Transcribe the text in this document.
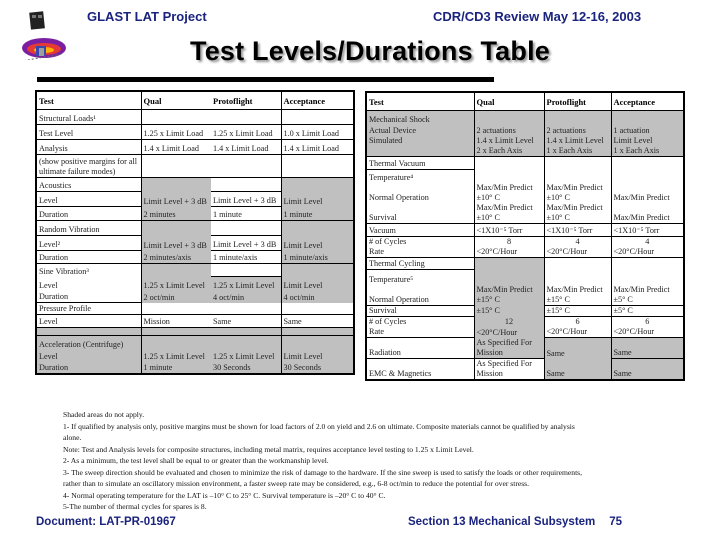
GLAST LAT Project	CDR/CD3 Review May 12-16, 2003
Test Levels/Durations Table
Test	Qual	Protoflight	Acceptance
Structural Loads¹			
Test Level	1.25 x Limit Load	1.25 x Limit Load	1.0 x Limit Load
Analysis	1.4 x Limit Load	1.4 x Limit Load	1.4 x Limit Load
(show positive margins for all			
ultimate failure modes)			
Acoustics			
Level	Limit Level + 3 dB	Limit Level + 3 dB	Limit Level
Duration	2 minutes	1 minute	1 minute
Random Vibration			
Level²	Limit Level + 3 dB	Limit Level + 3 dB	Limit Level
Duration	2 minutes/axis	1 minute/axis	1 minute/axis
Sine Vibration³			
Level	1.25 x Limit Level	1.25 x Limit Level	Limit Level
Duration	2 oct/min	4 oct/min	4 oct/min
Pressure Profile			
Level	Mission	Same	Same

Acceleration (Centrifuge)			
Level	1.25 x Limit Level	1.25 x Limit Level	Limit Level
Duration	1 minute	30 Seconds	30 Seconds
Test	Qual	Protoflight	Acceptance
Mechanical Shock			
Actual Device	2 actuations	2 actuations	1 actuation
Simulated	1.4 x Limit Level	1.4 x Limit Level	Limit Level
	2 x Each Axis	1 x Each Axis	1 x Each Axis
Thermal Vacuum			
Temperature⁴			
	Max/Min Predict	Max/Min Predict	
Normal Operation	±10° C	±10° C	Max/Min Predict
	Max/Min Predict	Max/Min Predict	
Survival	±10° C	±10° C	Max/Min Predict
Vacuum	<1X10⁻⁵ Torr	<1X10⁻⁵ Torr	<1X10⁻⁵ Torr
# of Cycles	8	4	4
Rate	<20°C/Hour	<20°C/Hour	<20°C/Hour
Thermal Cycling			
Temperature⁵			
	Max/Min Predict	Max/Min Predict	Max/Min Predict
Normal Operation	±15° C	±15° C	±5° C
Survival	±15° C	±15° C	±5° C
# of Cycles	12	6	6
Rate	<20°C/Hour	<20°C/Hour	<20°C/Hour
	As Specified For		
Radiation	Mission	Same	Same
	As Specified For		
EMC & Magnetics	Mission	Same	Same
Shaded areas do not apply.
1- If qualified by analysis only, positive margins must be shown for load factors of 2.0 on yield and 2.6 on ultimate. Composite materials cannot be qualified by analysis
alone.
Note: Test and Analysis levels for composite structures, including metal matrix, requires acceptance level testing to 1.25 x Limit Level.
2- As a minimum, the test level shall be equal to or greater than the workmanship level.
3- The sweep direction should be evaluated and chosen to minimize the risk of damage to the hardware. If the sine sweep is used to satisfy the loads or other requirements,
rather than to simulate an oscillatory mission environment, a faster sweep rate may be considered, e.g., 6-8 oct/min to reduce the potential for over stress.
4- Normal operating temperature for the LAT is –10° C to 25° C. Survival temperature is –20° C to 40° C.
5-The number of thermal cycles for spares is 8.
Document: LAT-PR-01967	Section 13 Mechanical Subsystem 75
